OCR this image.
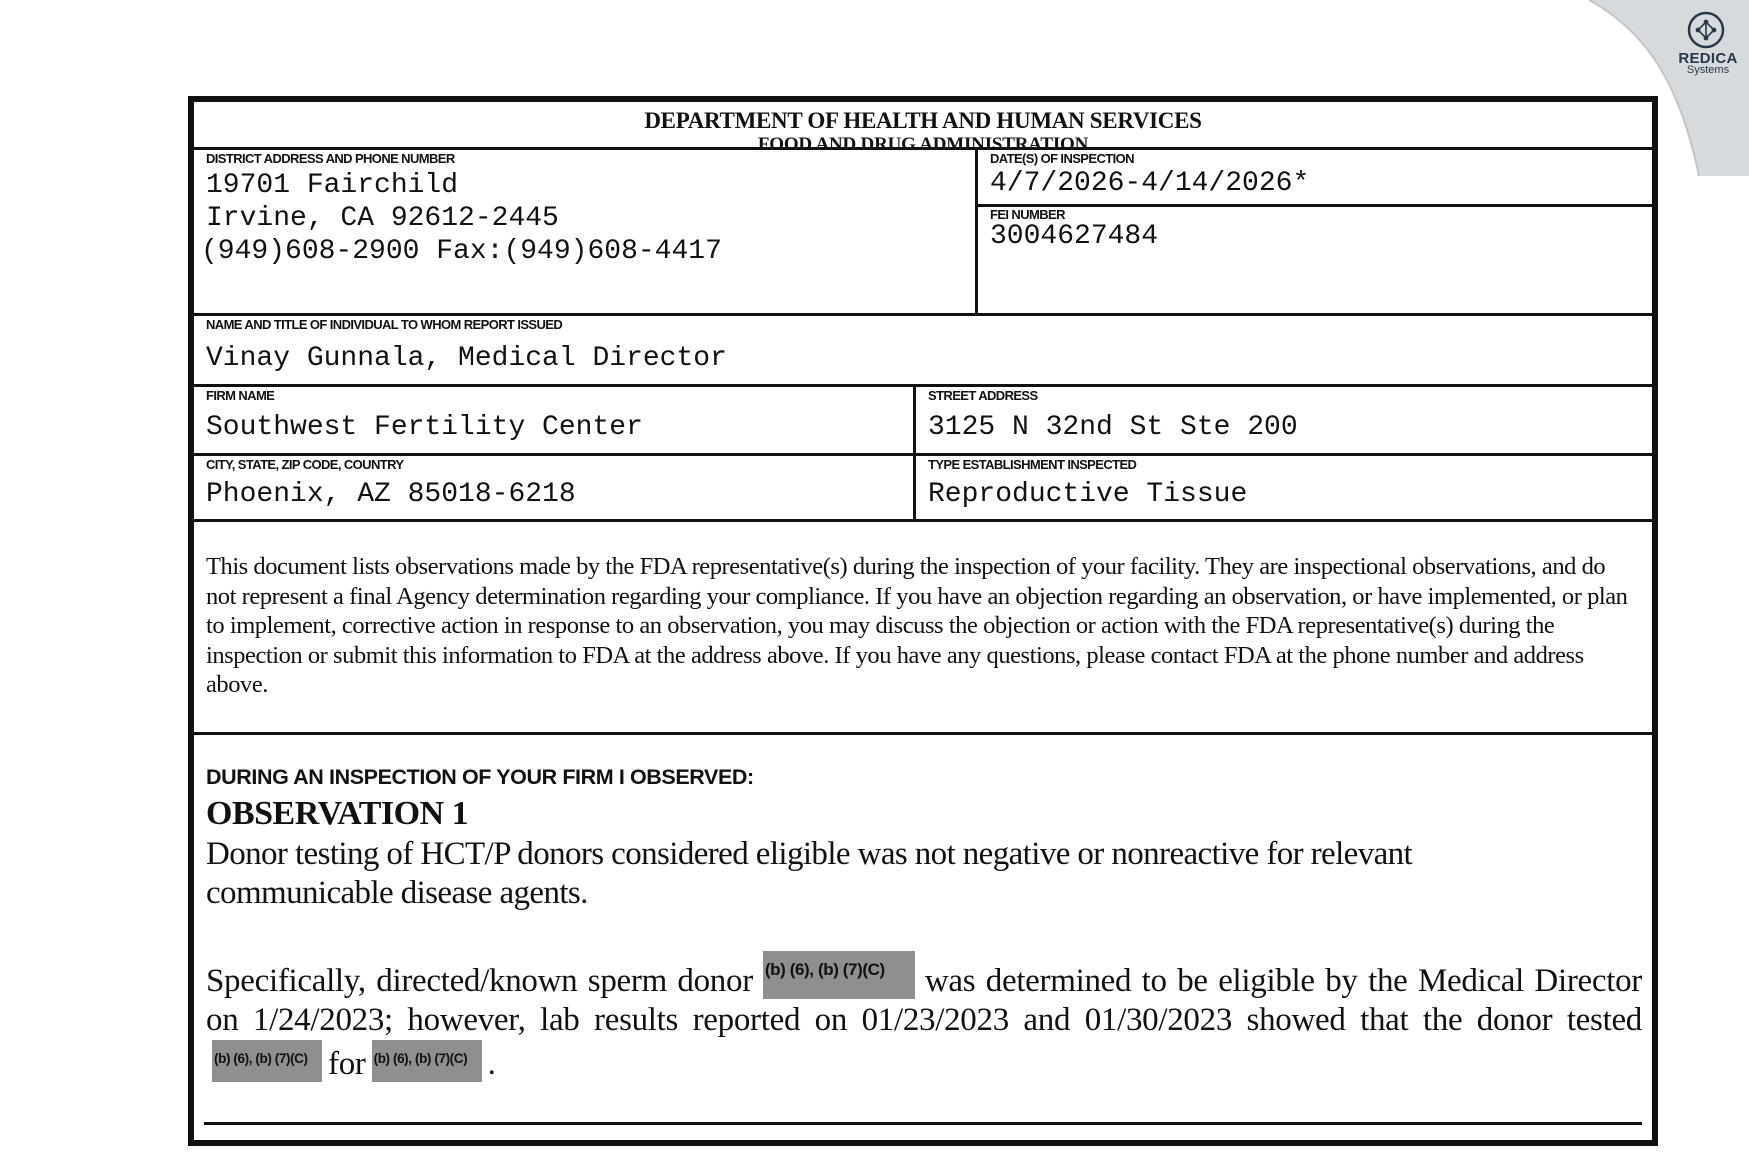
DEPARTMENT OF HEALTH AND HUMAN SERVICES
FOOD AND DRUG ADMINISTRATION
DISTRICT ADDRESS AND PHONE NUMBER
19701 Fairchild
Irvine, CA 92612-2445
(949)608-2900 Fax:(949)608-4417
DATE(S) OF INSPECTION
4/7/2026-4/14/2026*
FEI NUMBER
3004627484
NAME AND TITLE OF INDIVIDUAL TO WHOM REPORT ISSUED
Vinay Gunnala, Medical Director
FIRM NAME
Southwest Fertility Center
STREET ADDRESS
3125 N 32nd St Ste 200
CITY, STATE, ZIP CODE, COUNTRY
Phoenix, AZ 85018-6218
TYPE ESTABLISHMENT INSPECTED
Reproductive Tissue
This document lists observations made by the FDA representative(s) during the inspection of your facility. They are inspectional observations, and do not represent a final Agency determination regarding your compliance. If you have an objection regarding an observation, or have implemented, or plan to implement, corrective action in response to an observation, you may discuss the objection or action with the FDA representative(s) during the inspection or submit this information to FDA at the address above. If you have any questions, please contact FDA at the phone number and address above.
DURING AN INSPECTION OF YOUR FIRM I OBSERVED:
OBSERVATION 1
Donor testing of HCT/P donors considered eligible was not negative or nonreactive for relevant communicable disease agents.
Specifically, directed/known sperm donor (b) (6), (b) (7)(C) was determined to be eligible by the Medical Director on 1/24/2023; however, lab results reported on 01/23/2023 and 01/30/2023 showed that the donor tested
(b) (6), (b) (7)(C) for (b) (6), (b) (7)(C) .
REDICA
Systems
